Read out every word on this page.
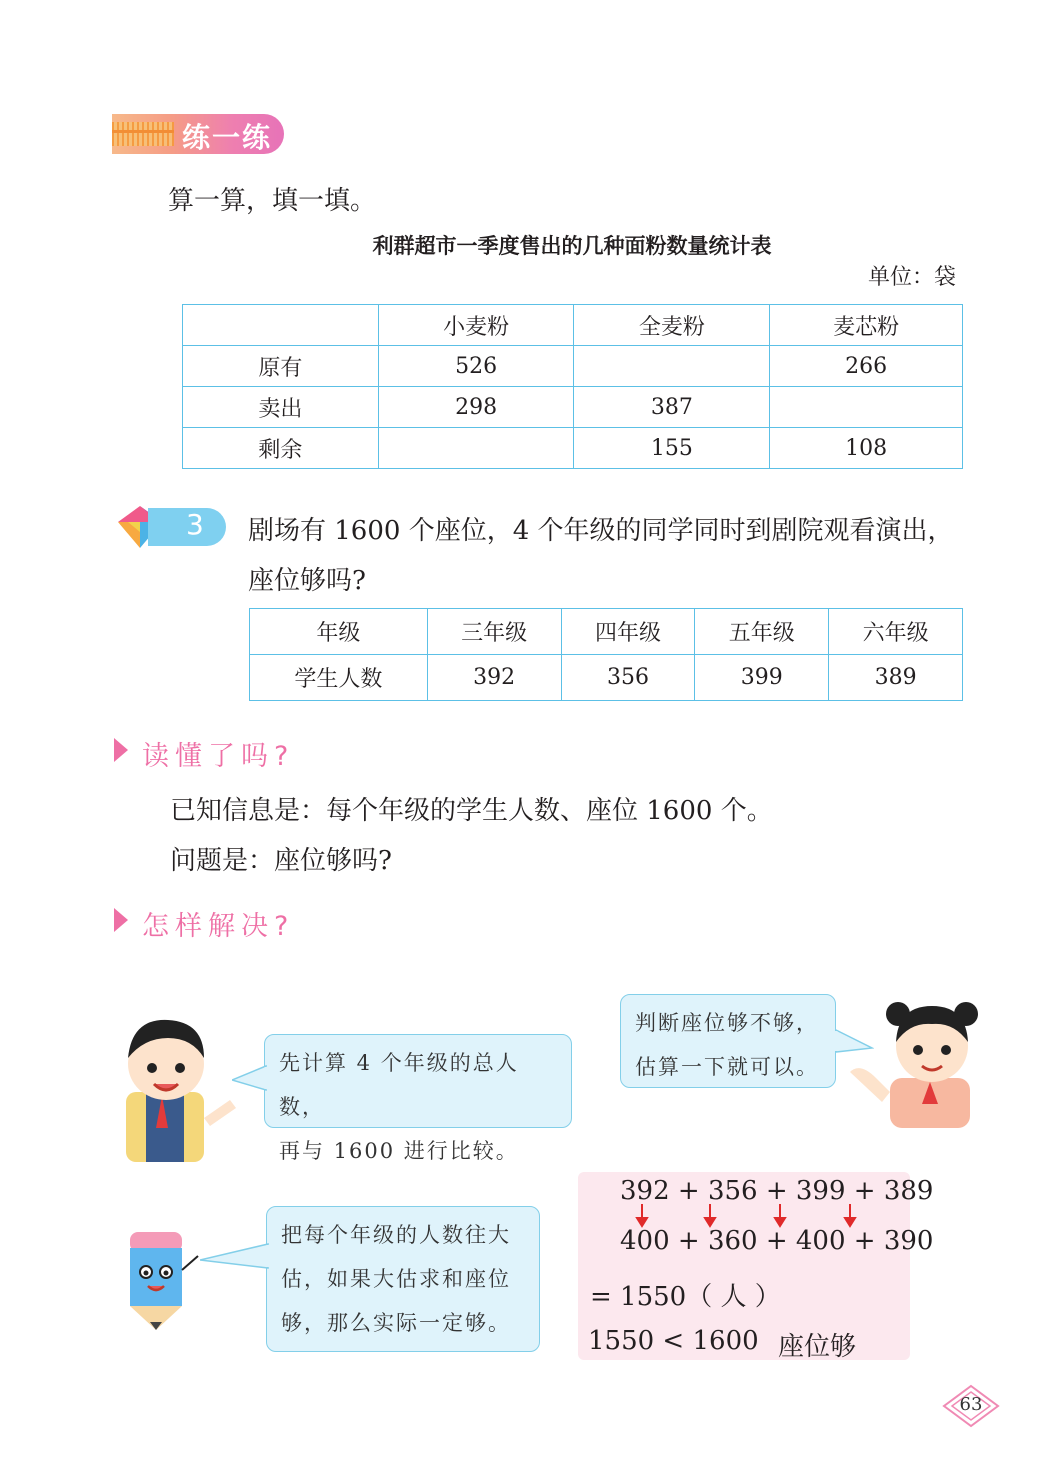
练一练
算一算，填一填。
利群超市一季度售出的几种面粉数量统计表
单位：袋
	小麦粉	全麦粉	麦芯粉
原有	526		266
卖出	298	387	
剩余		155	108
3 剧场有 1600 个座位，4 个年级的同学同时到剧院观看演出，
座位够吗?
年级	三年级	四年级	五年级	六年级
学生人数	392	356	399	389
读懂了吗?
已知信息是：每个年级的学生人数、座位 1600 个。
问题是：座位够吗?
怎样解决?
先计算 4 个年级的总人数，
再与 1600 进行比较。
判断座位够不够，
估算一下就可以。
把每个年级的人数往大
估，如果大估求和座位
够，那么实际一定够。
392 + 356 + 399 + 389
400 + 360 + 400 + 390
= 1550（ 人 ）
1550 < 1600 座位够
63
